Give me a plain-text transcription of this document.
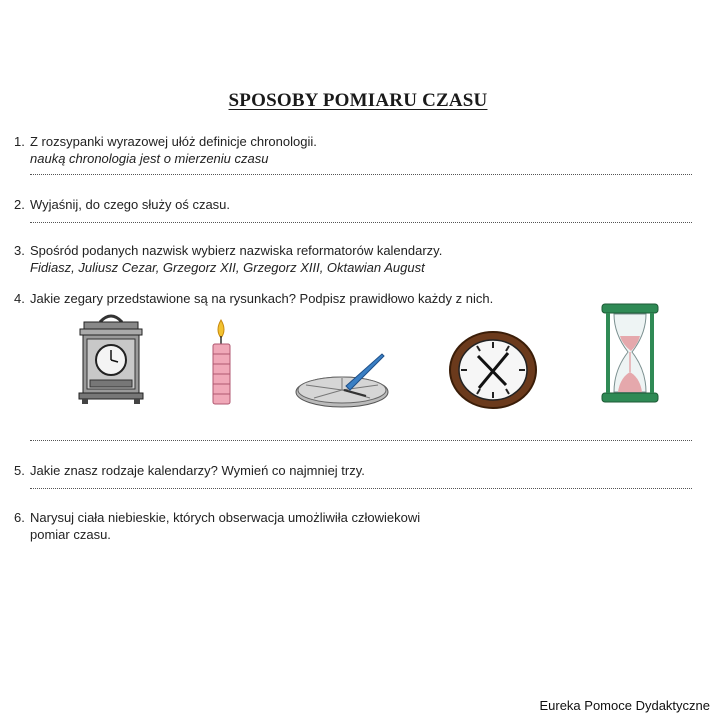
SPOSOBY POMIARU CZASU
1. Z rozsypanki wyrazowej ułóż definicje chronologii.
nauką chronologia jest o mierzeniu czasu
2. Wyjaśnij, do czego służy oś czasu.
3. Spośród podanych nazwisk wybierz nazwiska reformatorów kalendarzy.
Fidiasz, Juliusz Cezar, Grzegorz XII, Grzegorz XIII, Oktawian August
4. Jakie zegary przedstawione są na rysunkach? Podpisz prawidłowo każdy z nich.
5. Jakie znasz rodzaje kalendarzy? Wymień co najmniej trzy.
6. Narysuj ciała niebieskie, których obserwacja umożliwiła człowiekowi
pomiar czasu.
Eureka Pomoce Dydaktyczne
